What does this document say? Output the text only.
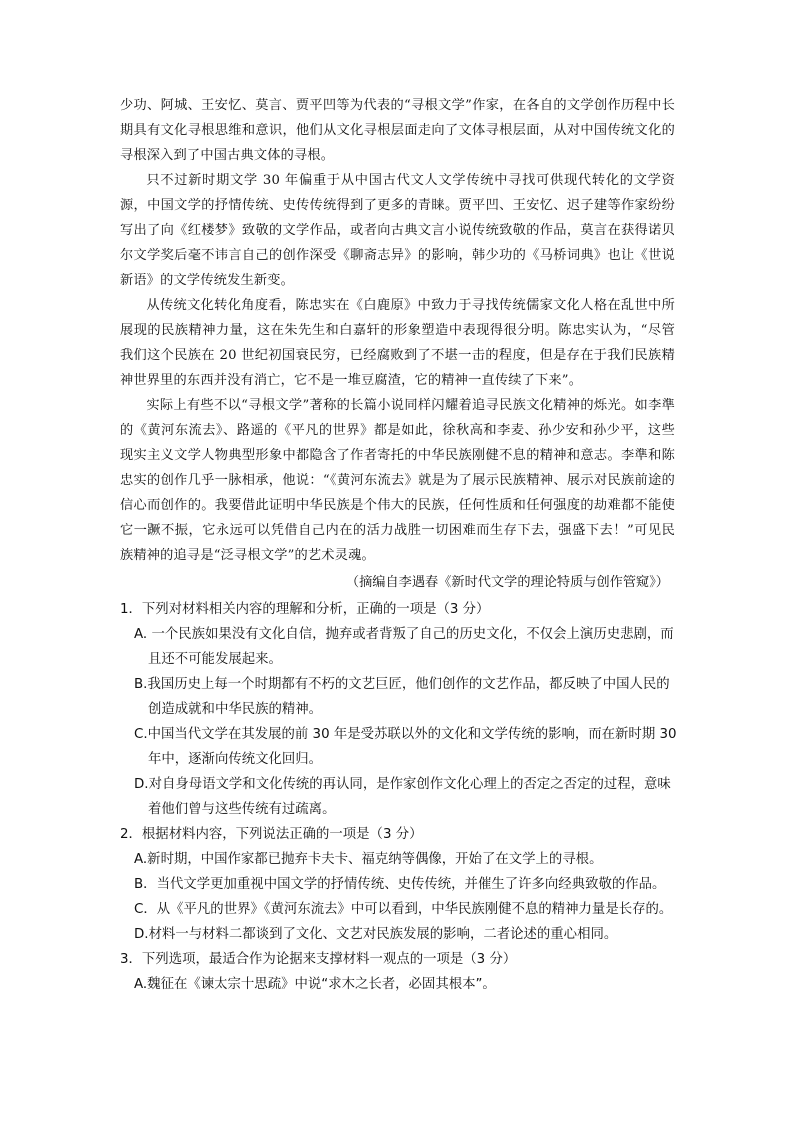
少功、阿城、王安忆、莫言、贾平凹等为代表的“寻根文学”作家，在各自的文学创作历程中长期具有文化寻根思维和意识，他们从文化寻根层面走向了文体寻根层面，从对中国传统文化的寻根深入到了中国古典文体的寻根。

只不过新时期文学 30 年偏重于从中国古代文人文学传统中寻找可供现代转化的文学资源，中国文学的抒情传统、史传传统得到了更多的青睐。贾平凹、王安忆、迟子建等作家纷纷写出了向《红楼梦》致敬的文学作品，或者向古典文言小说传统致敬的作品，莫言在获得诺贝尔文学奖后毫不讳言自己的创作深受《聊斋志异》的影响，韩少功的《马桥词典》也让《世说新语》的文学传统发生新变。

从传统文化转化角度看，陈忠实在《白鹿原》中致力于寻找传统儒家文化人格在乱世中所展现的民族精神力量，这在朱先生和白嘉轩的形象塑造中表现得很分明。陈忠实认为，“尽管我们这个民族在 20 世纪初国衰民穷，已经腐败到了不堪一击的程度，但是存在于我们民族精神世界里的东西并没有消亡，它不是一堆豆腐渣，它的精神一直传续了下来”。

实际上有些不以“寻根文学”著称的长篇小说同样闪耀着追寻民族文化精神的烁光。如李準的《黄河东流去》、路遥的《平凡的世界》都是如此，徐秋高和李麦、孙少安和孙少平，这些现实主义文学人物典型形象中都隐含了作者寄托的中华民族刚健不息的精神和意志。李準和陈忠实的创作几乎一脉相承，他说：“《黄河东流去》就是为了展示民族精神、展示对民族前途的信心而创作的。我要借此证明中华民族是个伟大的民族，任何性质和任何强度的劫难都不能使它一蹶不振，它永远可以凭借自己内在的活力战胜一切困难而生存下去，强盛下去！”可见民族精神的追寻是“泛寻根文学”的艺术灵魂。

（摘编自李遇春《新时代文学的理论特质与创作管窥》）

1．下列对材料相关内容的理解和分析，正确的一项是（3 分）

A. 一个民族如果没有文化自信，抛弃或者背叛了自己的历史文化，不仅会上演历史悲剧，而且还不可能发展起来。

B.我国历史上每一个时期都有不朽的文艺巨匠，他们创作的文艺作品，都反映了中国人民的创造成就和中华民族的精神。

C.中国当代文学在其发展的前 30 年是受苏联以外的文化和文学传统的影响，而在新时期 30 年中，逐渐向传统文化回归。

D.对自身母语文学和文化传统的再认同，是作家创作文化心理上的否定之否定的过程，意味着他们曾与这些传统有过疏离。

2．根据材料内容，下列说法正确的一项是（3 分）

A.新时期，中国作家都已抛弃卡夫卡、福克纳等偶像，开始了在文学上的寻根。

B．当代文学更加重视中国文学的抒情传统、史传传统，并催生了许多向经典致敬的作品。

C．从《平凡的世界》《黄河东流去》中可以看到，中华民族刚健不息的精神力量是长存的。

D.材料一与材料二都谈到了文化、文艺对民族发展的影响，二者论述的重心相同。

3．下列选项，最适合作为论据来支撑材料一观点的一项是（3 分）

A.魏征在《谏太宗十思疏》中说“求木之长者，必固其根本”。
